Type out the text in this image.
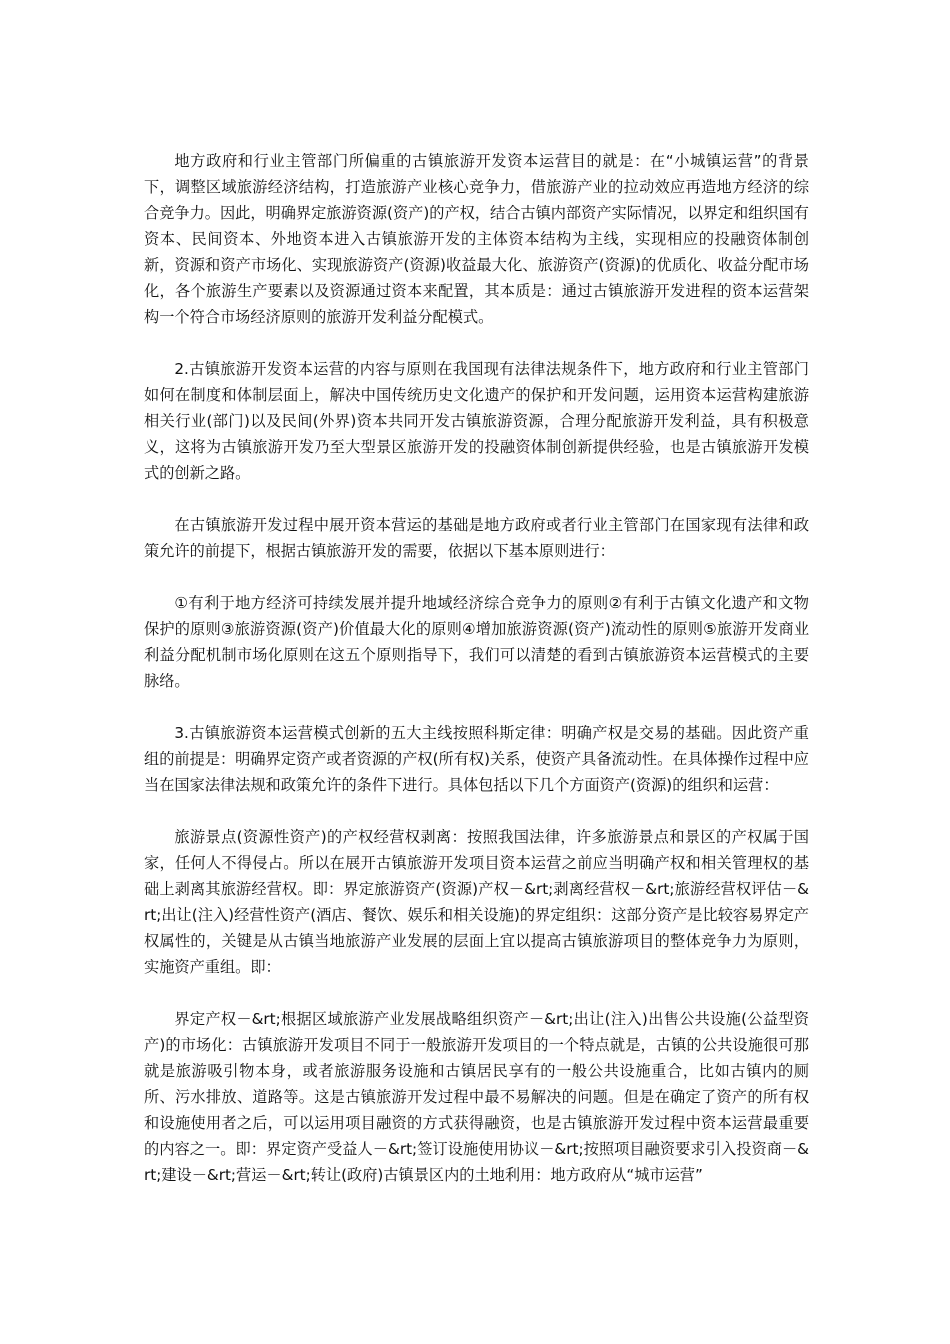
地方政府和行业主管部门所偏重的古镇旅游开发资本运营目的就是：在“小城镇运营”的背景下，调整区域旅游经济结构，打造旅游产业核心竞争力，借旅游产业的拉动效应再造地方经济的综合竞争力。因此，明确界定旅游资源(资产)的产权，结合古镇内部资产实际情况，以界定和组织国有资本、民间资本、外地资本进入古镇旅游开发的主体资本结构为主线，实现相应的投融资体制创新，资源和资产市场化、实现旅游资产(资源)收益最大化、旅游资产(资源)的优质化、收益分配市场化，各个旅游生产要素以及资源通过资本来配置，其本质是：通过古镇旅游开发进程的资本运营架构一个符合市场经济原则的旅游开发利益分配模式。

2.古镇旅游开发资本运营的内容与原则在我国现有法律法规条件下，地方政府和行业主管部门如何在制度和体制层面上，解决中国传统历史文化遗产的保护和开发问题，运用资本运营构建旅游相关行业(部门)以及民间(外界)资本共同开发古镇旅游资源，合理分配旅游开发利益，具有积极意义，这将为古镇旅游开发乃至大型景区旅游开发的投融资体制创新提供经验，也是古镇旅游开发模式的创新之路。

在古镇旅游开发过程中展开资本营运的基础是地方政府或者行业主管部门在国家现有法律和政策允许的前提下，根据古镇旅游开发的需要，依据以下基本原则进行：

①有利于地方经济可持续发展并提升地域经济综合竞争力的原则②有利于古镇文化遗产和文物保护的原则③旅游资源(资产)价值最大化的原则④增加旅游资源(资产)流动性的原则⑤旅游开发商业利益分配机制市场化原则在这五个原则指导下，我们可以清楚的看到古镇旅游资本运营模式的主要脉络。

3.古镇旅游资本运营模式创新的五大主线按照科斯定律：明确产权是交易的基础。因此资产重组的前提是：明确界定资产或者资源的产权(所有权)关系，使资产具备流动性。在具体操作过程中应当在国家法律法规和政策允许的条件下进行。具体包括以下几个方面资产(资源)的组织和运营：

旅游景点(资源性资产)的产权经营权剥离：按照我国法律，许多旅游景点和景区的产权属于国家，任何人不得侵占。所以在展开古镇旅游开发项目资本运营之前应当明确产权和相关管理权的基础上剥离其旅游经营权。即：界定旅游资产(资源)产权－&rt;剥离经营权－&rt;旅游经营权评估－&rt;出让(注入)经营性资产(酒店、餐饮、娱乐和相关设施)的界定组织：这部分资产是比较容易界定产权属性的，关键是从古镇当地旅游产业发展的层面上宜以提高古镇旅游项目的整体竞争力为原则，实施资产重组。即：

界定产权－&rt;根据区域旅游产业发展战略组织资产－&rt;出让(注入)出售公共设施(公益型资产)的市场化：古镇旅游开发项目不同于一般旅游开发项目的一个特点就是，古镇的公共设施很可那就是旅游吸引物本身，或者旅游服务设施和古镇居民享有的一般公共设施重合，比如古镇内的厕所、污水排放、道路等。这是古镇旅游开发过程中最不易解决的问题。但是在确定了资产的所有权和设施使用者之后，可以运用项目融资的方式获得融资，也是古镇旅游开发过程中资本运营最重要的内容之一。即：界定资产受益人－&rt;签订设施使用协议－&rt;按照项目融资要求引入投资商－&rt;建设－&rt;营运－&rt;转让(政府)古镇景区内的土地利用：地方政府从“城市运营”
